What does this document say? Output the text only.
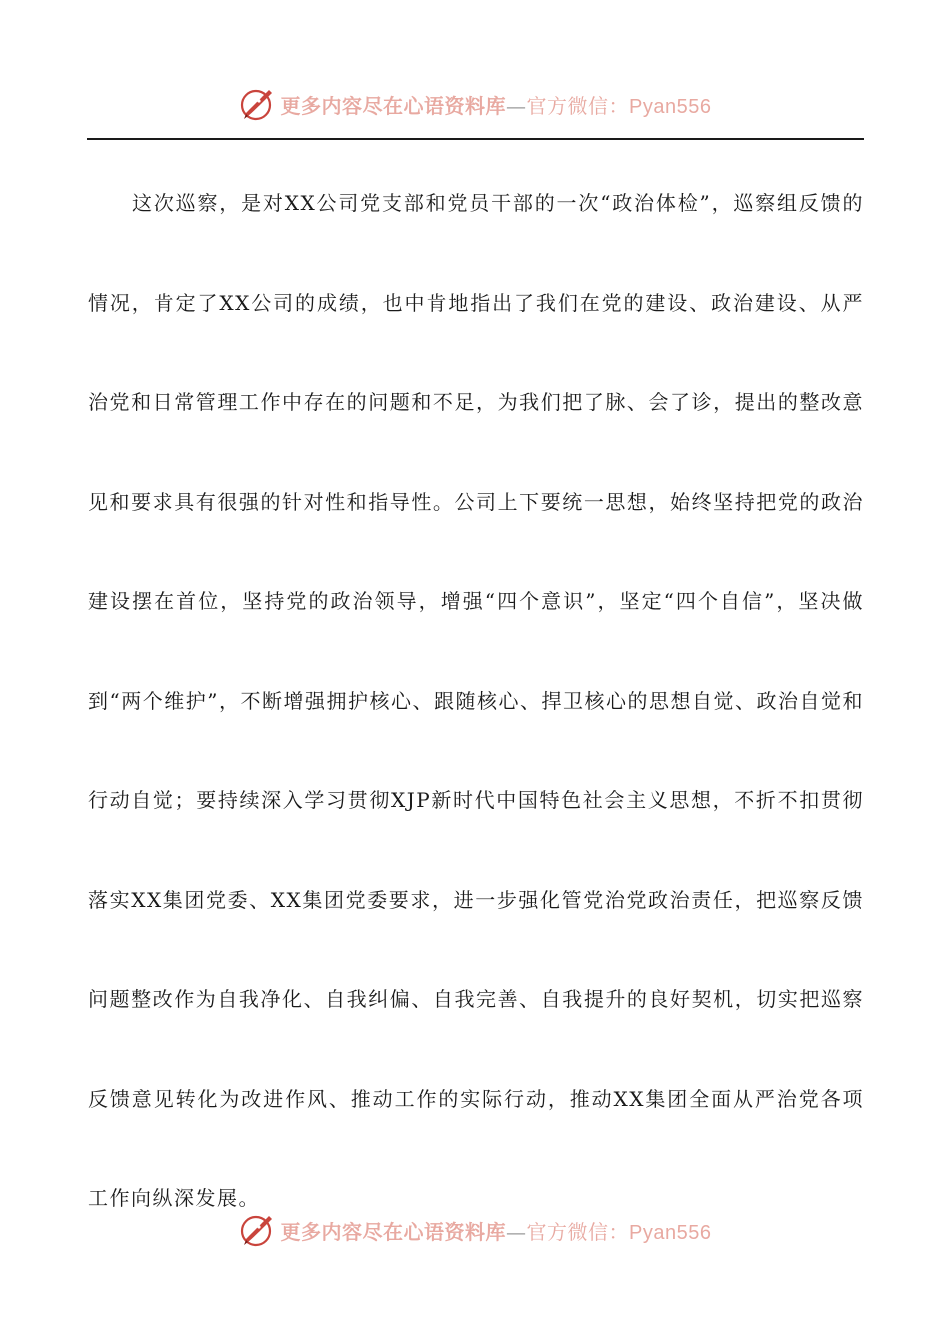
更多内容尽在心语资料库 — 官方微信：Pyan556

这次巡察，是对XX公司党支部和党员干部的一次“政治体检”，巡察组反馈的情况，肯定了XX公司的成绩，也中肯地指出了我们在党的建设、政治建设、从严治党和日常管理工作中存在的问题和不足，为我们把了脉、会了诊，提出的整改意见和要求具有很强的针对性和指导性。公司上下要统一思想，始终坚持把党的政治建设摆在首位，坚持党的政治领导，增强“四个意识”，坚定“四个自信”，坚决做到“两个维护”，不断增强拥护核心、跟随核心、捍卫核心的思想自觉、政治自觉和行动自觉；要持续深入学习贯彻XJP新时代中国特色社会主义思想，不折不扣贯彻落实XX集团党委、XX集团党委要求，进一步强化管党治党政治责任，把巡察反馈问题整改作为自我净化、自我纠偏、自我完善、自我提升的良好契机，切实把巡察反馈意见转化为改进作风、推动工作的实际行动，推动XX集团全面从严治党各项工作向纵深发展。

更多内容尽在心语资料库 — 官方微信：Pyan556
